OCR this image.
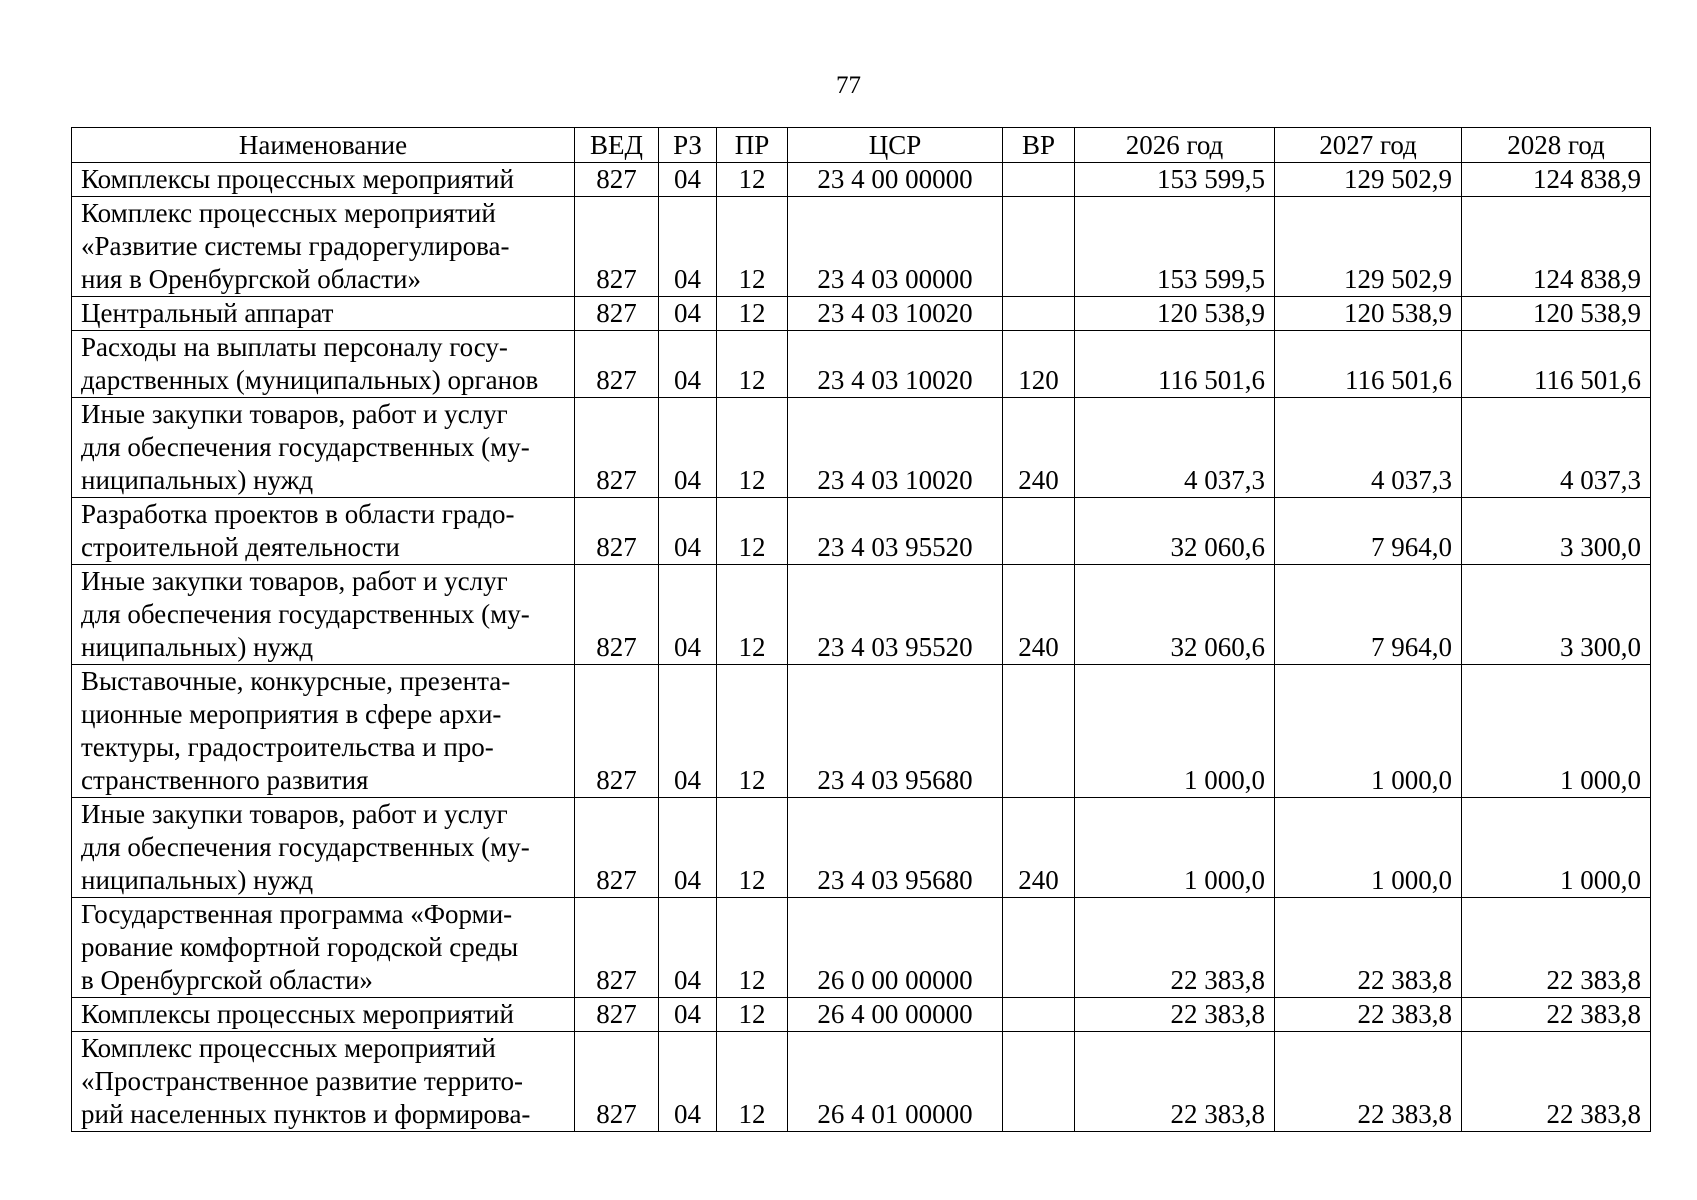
77
Наименование	ВЕД	РЗ	ПР	ЦСР	ВР	2026 год	2027 год	2028 год

Комплексы процессных мероприятий	827	04	12	23 4 00 00000		153 599,5	129 502,9	124 838,9

Комплекс процессных мероприятий
«Развитие системы градорегулирова-
ния в Оренбургской области»	827	04	12	23 4 03 00000		153 599,5	129 502,9	124 838,9

Центральный аппарат	827	04	12	23 4 03 10020		120 538,9	120 538,9	120 538,9

Расходы на выплаты персоналу госу-
дарственных (муниципальных) органов	827	04	12	23 4 03 10020	120	116 501,6	116 501,6	116 501,6

Иные закупки товаров, работ и услуг
для обеспечения государственных (му-
ниципальных) нужд	827	04	12	23 4 03 10020	240	4 037,3	4 037,3	4 037,3

Разработка проектов в области градо-
строительной деятельности	827	04	12	23 4 03 95520		32 060,6	7 964,0	3 300,0

Иные закупки товаров, работ и услуг
для обеспечения государственных (му-
ниципальных) нужд	827	04	12	23 4 03 95520	240	32 060,6	7 964,0	3 300,0

Выставочные, конкурсные, презента-
ционные мероприятия в сфере архи-
тектуры, градостроительства и про-
странственного развития	827	04	12	23 4 03 95680		1 000,0	1 000,0	1 000,0

Иные закупки товаров, работ и услуг
для обеспечения государственных (му-
ниципальных) нужд	827	04	12	23 4 03 95680	240	1 000,0	1 000,0	1 000,0

Государственная программа «Форми-
рование комфортной городской среды
в Оренбургской области»	827	04	12	26 0 00 00000		22 383,8	22 383,8	22 383,8

Комплексы процессных мероприятий	827	04	12	26 4 00 00000		22 383,8	22 383,8	22 383,8

Комплекс процессных мероприятий
«Пространственное развитие террито-
рий населенных пунктов и формирова-	827	04	12	26 4 01 00000		22 383,8	22 383,8	22 383,8
